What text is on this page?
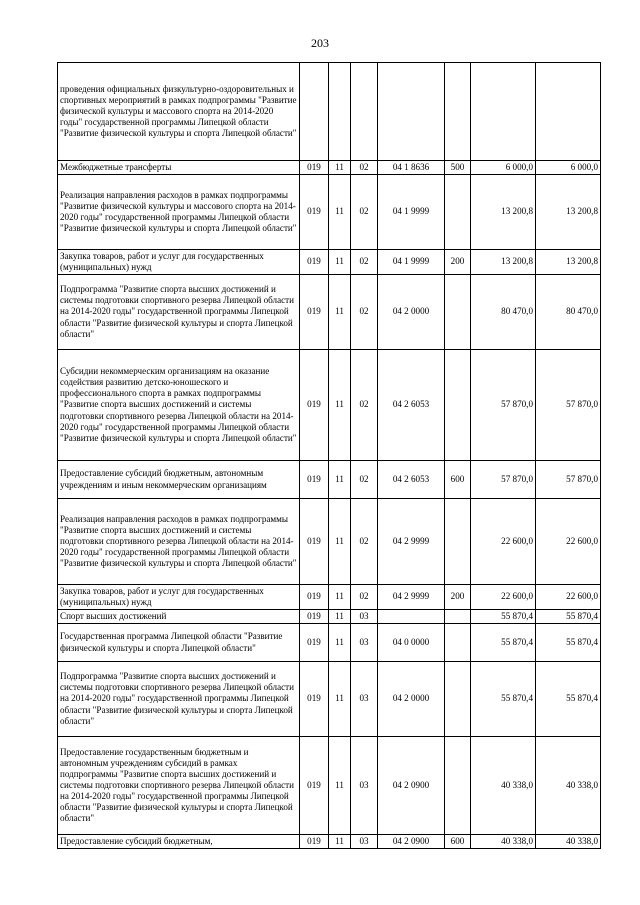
203
проведения официальных физкультурно-оздоровительных и спортивных мероприятий в рамках подпрограммы "Развитие физической культуры и массового спорта на 2014-2020 годы" государственной программы Липецкой области "Развитие физической культуры и спорта Липецкой области"							
Межбюджетные трансферты	019	11	02	04 1 8636	500	6 000,0	6 000,0
Реализация направления расходов в рамках подпрограммы "Развитие физической культуры и массового спорта на 2014-2020 годы" государственной программы Липецкой области "Развитие физической культуры и спорта Липецкой области"	019	11	02	04 1 9999		13 200,8	13 200,8
Закупка товаров, работ и услуг для государственных (муниципальных) нужд	019	11	02	04 1 9999	200	13 200,8	13 200,8
Подпрограмма "Развитие спорта высших достижений и системы подготовки спортивного резерва Липецкой области на 2014-2020 годы" государственной программы Липецкой области "Развитие физической культуры и спорта Липецкой области"	019	11	02	04 2 0000		80 470,0	80 470,0
Субсидии некоммерческим организациям на оказание содействия развитию детско-юношеского и профессионального спорта в рамках подпрограммы "Развитие спорта высших достижений и системы подготовки спортивного резерва Липецкой области на 2014-2020 годы" государственной программы Липецкой области "Развитие физической культуры и спорта Липецкой области"	019	11	02	04 2 6053		57 870,0	57 870,0
Предоставление субсидий бюджетным, автономным учреждениям и иным некоммерческим организациям	019	11	02	04 2 6053	600	57 870,0	57 870,0
Реализация направления расходов в рамках подпрограммы "Развитие спорта высших достижений и системы подготовки спортивного резерва Липецкой области на 2014-2020 годы" государственной программы Липецкой области "Развитие физической культуры и спорта Липецкой области"	019	11	02	04 2 9999		22 600,0	22 600,0
Закупка товаров, работ и услуг для государственных (муниципальных) нужд	019	11	02	04 2 9999	200	22 600,0	22 600,0
Спорт высших достижений	019	11	03			55 870,4	55 870,4
Государственная программа Липецкой области "Развитие физической культуры и спорта Липецкой области"	019	11	03	04 0 0000		55 870,4	55 870,4
Подпрограмма "Развитие спорта высших достижений и системы подготовки спортивного резерва Липецкой области на 2014-2020 годы" государственной программы Липецкой области "Развитие физической культуры и спорта Липецкой области"	019	11	03	04 2 0000		55 870,4	55 870,4
Предоставление государственным бюджетным и автономным учреждениям субсидий в рамках подпрограммы "Развитие спорта высших достижений и системы подготовки спортивного резерва Липецкой области на 2014-2020 годы" государственной программы Липецкой области "Развитие физической культуры и спорта Липецкой области"	019	11	03	04 2 0900		40 338,0	40 338,0
Предоставление субсидий бюджетным,	019	11	03	04 2 0900	600	40 338,0	40 338,0
